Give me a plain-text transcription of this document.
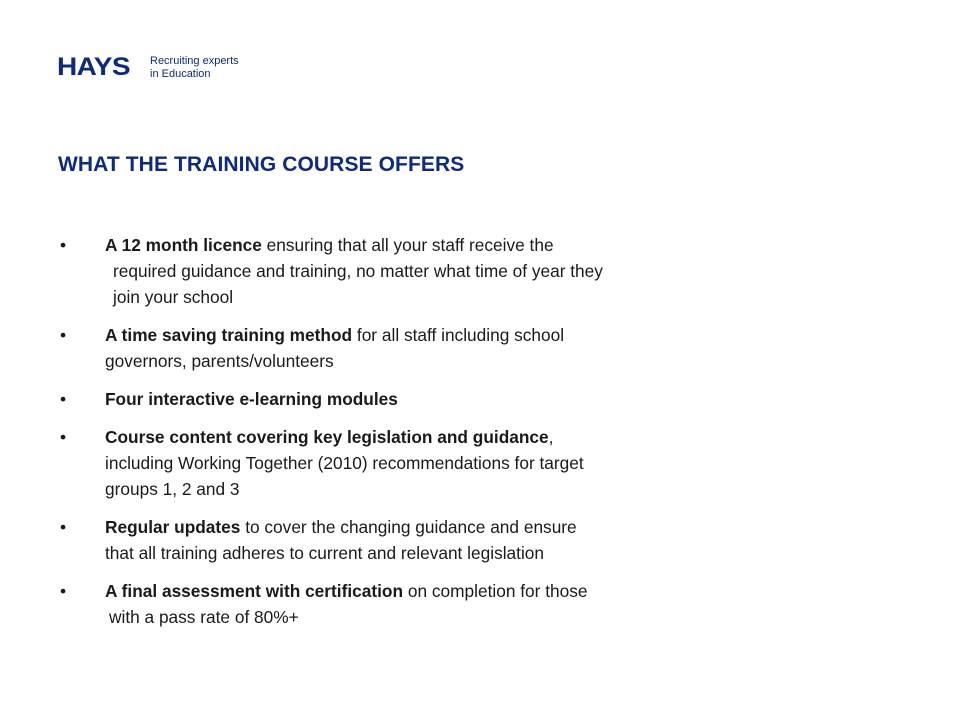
HAYS Recruiting experts
in Education
WHAT THE TRAINING COURSE OFFERS
• A 12 month licence ensuring that all your staff receive the
required guidance and training, no matter what time of year they
join your school
• A time saving training method for all staff including school
governors, parents/volunteers
• Four interactive e-learning modules
• Course content covering key legislation and guidance,
including Working Together (2010) recommendations for target
groups 1, 2 and 3
• Regular updates to cover the changing guidance and ensure
that all training adheres to current and relevant legislation
• A final assessment with certification on completion for those
with a pass rate of 80%+
